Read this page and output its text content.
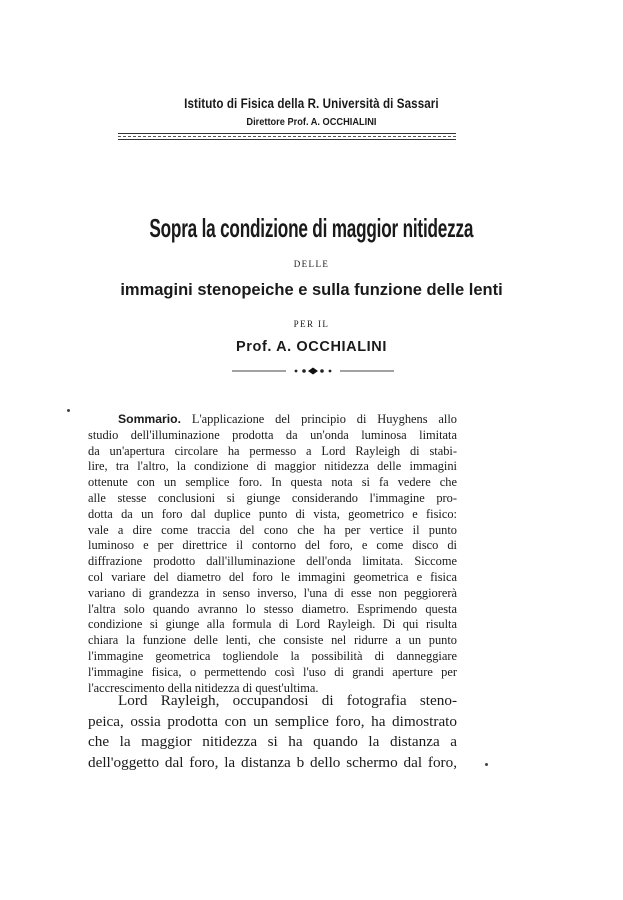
Istituto di Fisica della R. Università di Sassari
Direttore Prof. A. OCCHIALINI
Sopra la condizione di maggior nitidezza
DELLE
immagini stenopeiche e sulla funzione delle lenti
PER IL
Prof. A. OCCHIALINI
Sommario. L'applicazione del principio di Huyghens allo
studio dell'illuminazione prodotta da un'onda luminosa limitata
da un'apertura circolare ha permesso a Lord Rayleigh di stabi-
lire, tra l'altro, la condizione di maggior nitidezza delle immagini
ottenute con un semplice foro. In questa nota si fa vedere che
alle stesse conclusioni si giunge considerando l'immagine pro-
dotta da un foro dal duplice punto di vista, geometrico e fisico:
vale a dire come traccia del cono che ha per vertice il punto
luminoso e per direttrice il contorno del foro, e come disco di
diffrazione prodotto dall'illuminazione dell'onda limitata. Siccome
col variare del diametro del foro le immagini geometrica e fisica
variano di grandezza in senso inverso, l'una di esse non peggiorerà
l'altra solo quando avranno lo stesso diametro. Esprimendo questa
condizione si giunge alla formula di Lord Rayleigh. Di qui risulta
chiara la funzione delle lenti, che consiste nel ridurre a un punto
l'immagine geometrica togliendole la possibilità di danneggiare
l'immagine fisica, o permettendo così l'uso di grandi aperture per
l'accrescimento della nitidezza di quest'ultima.
Lord Rayleigh, occupandosi di fotografia steno-
peica, ossia prodotta con un semplice foro, ha dimostrato
che la maggior nitidezza si ha quando la distanza a
dell'oggetto dal foro, la distanza b dello schermo dal foro,
